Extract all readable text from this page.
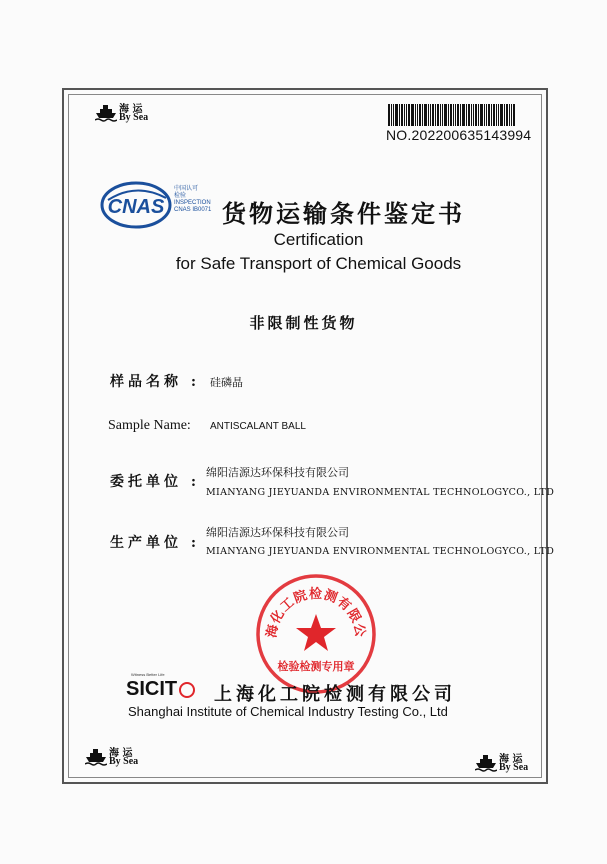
海 运
By Sea
NO.202200635143994
CNAS
中国认可
检验
INSPECTION
CNAS IB0071 货物运输条件鉴定书
Certification
for Safe Transport of Chemical Goods
非限制性货物
样品名称 : 硅磷晶
Sample Name: ANTISCALANT BALL
委托单位 :
绵阳洁源达环保科技有限公司
MIANYANG JIEYUANDA ENVIRONMENTAL TECHNOLOGYCO., LTD
生产单位 :
绵阳洁源达环保科技有限公司
MIANYANG JIEYUANDA ENVIRONMENTAL TECHNOLOGYCO., LTD
海化工院检测有限公
检验检测专用章
Witness Better Life
SICIT	上海化工院检测有限公司
Shanghai Institute of Chemical Industry Testing Co., Ltd
海 运
By Sea	海 运
By Sea
